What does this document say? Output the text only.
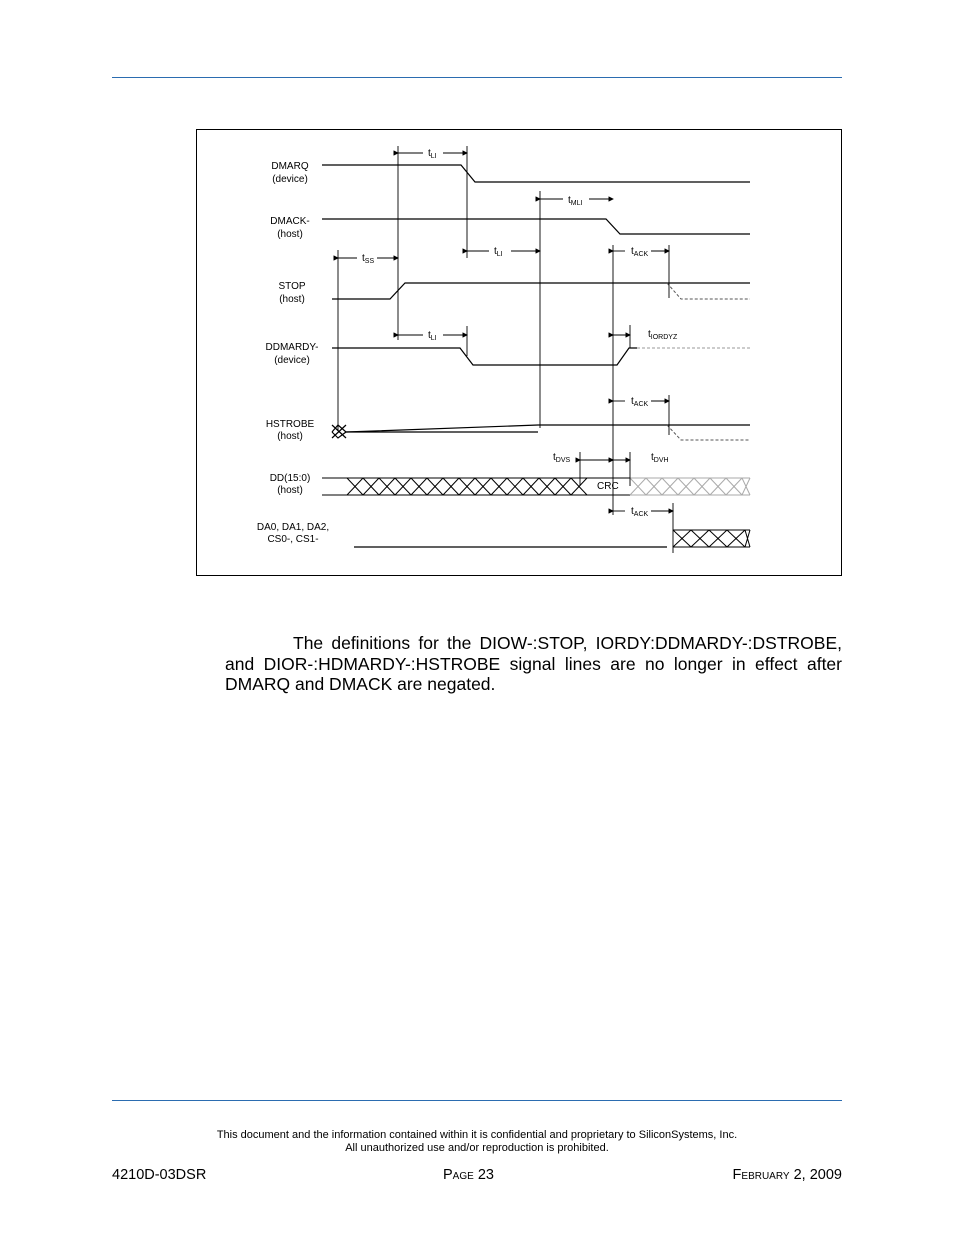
DMARQ
(device)
DMACK-
(host)
STOP
(host)
DDMARDY-
(device)
HSTROBE
(host)
DD(15:0)
(host)
DA0, DA1, DA2,
CS0-, CS1-
$t_{LI}$
$t_{MLI}$
$t_{SS}$
$t_{LI}$	$t_{ACK}$
$t_{LI}$	$t_{IORDYZ}$
$t_{ACK}$
$t_{DVS}$	$t_{DVH}$
$t_{ACK}$
CRC

The definitions for the DIOW-:STOP, IORDY:DDMARDY-:DSTROBE, and DIOR-:HDMARDY-:HSTROBE signal lines are no longer in effect after DMARQ and DMACK are negated.

This document and the information contained within it is confidential and proprietary to SiliconSystems, Inc.
All unauthorized use and/or reproduction is prohibited.
4210D-03DSR	Page 23	February 2, 2009
